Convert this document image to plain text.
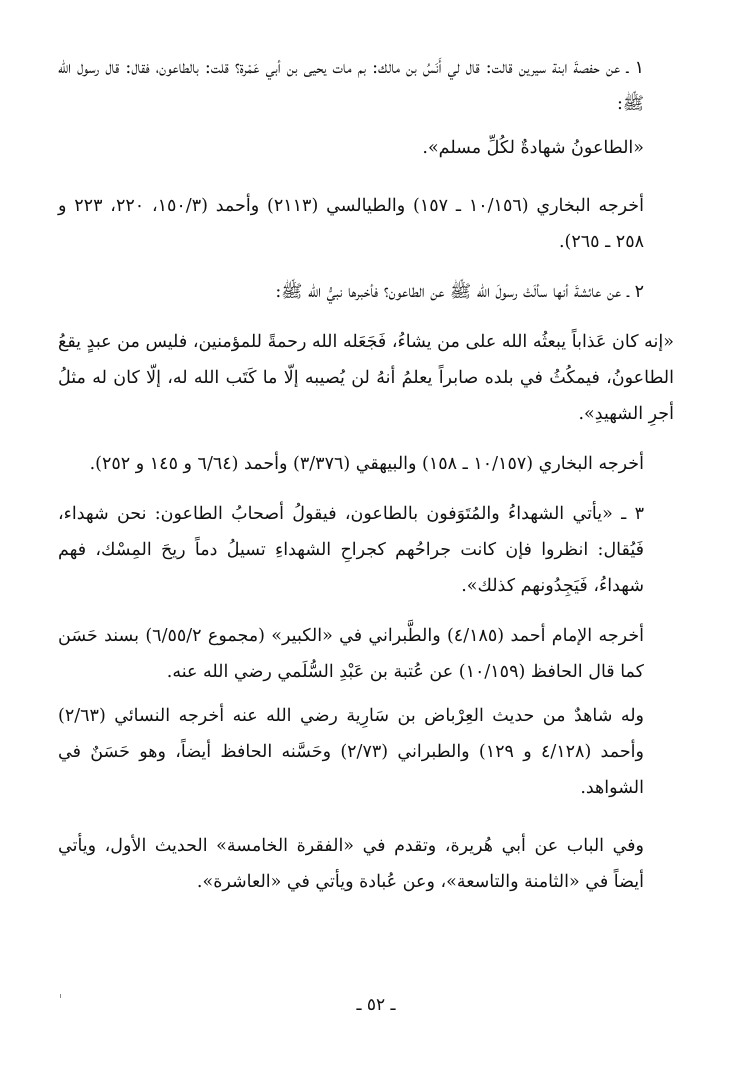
١ ـ عن حفصةَ ابنة سيرين قالت: قال لي أَنَسُ بن مالك: بم مات يحيى بن أبي عَمْرة؟ قلت: بالطاعون، فقال: قال رسول الله ﷺ:

«الطاعونُ شهادةٌ لكُلِّ مسلم».

أخرجه البخاري (١٠/١٥٦ ـ ١٥٧) والطيالسي (٢١١٣) وأحمد (١٥٠/٣، ٢٢٠، ٢٢٣ و ٢٥٨ ـ ٢٦٥).

٢ ـ عن عائشةَ أنها سألَتْ رسولَ الله ﷺ عن الطاعون؟ فأخبرها نبيُّ الله ﷺ:

«إنه كان عَذاباً يبعثُه الله على من يشاءُ، فَجَعَله الله رحمةً للمؤمنين، فليس من عبدٍ يقعُ الطاعونُ، فيمكُثُ في بلده صابراً يعلمُ أنهُ لن يُصيبه إلّا ما كَتَب الله له، إلّا كان له مثلُ أجرِ الشهيدِ».

أخرجه البخاري (١٠/١٥٧ ـ ١٥٨) والبيهقي (٣/٣٧٦) وأحمد (٦/٦٤ و ١٤٥ و ٢٥٢).

٣ ـ «يأتي الشهداءُ والمُتَوَفون بالطاعون، فيقولُ أصحابُ الطاعون: نحن شهداء، فَيُقال: انظروا فإن كانت جراحُهم كجراحِ الشهداءِ تسيلُ دماً ريحَ المِسْك، فهم شهداءُ، فَيَجِدُونهم كذلك».

أخرجه الإمام أحمد (٤/١٨٥) والطَّبراني في «الكبير» (مجموع ٦/٥٥/٢) بسند حَسَن كما قال الحافظ (١٠/١٥٩) عن عُتبة بن عَبْدِ السُّلَمي رضي الله عنه.

وله شاهدٌ من حديث العِرْباض بن سَارِية رضي الله عنه أخرجه النسائي (٢/٦٣) وأحمد (٤/١٢٨ و ١٢٩) والطبراني (٢/٧٣) وحَسَّنه الحافظ أيضاً، وهو حَسَنٌ في الشواهد.

وفي الباب عن أبي هُريرة، وتقدم في «الفقرة الخامسة» الحديث الأول، ويأتي أيضاً في «الثامنة والتاسعة»، وعن عُبادة ويأتي في «العاشرة».

ـ ٥٢ ـ
